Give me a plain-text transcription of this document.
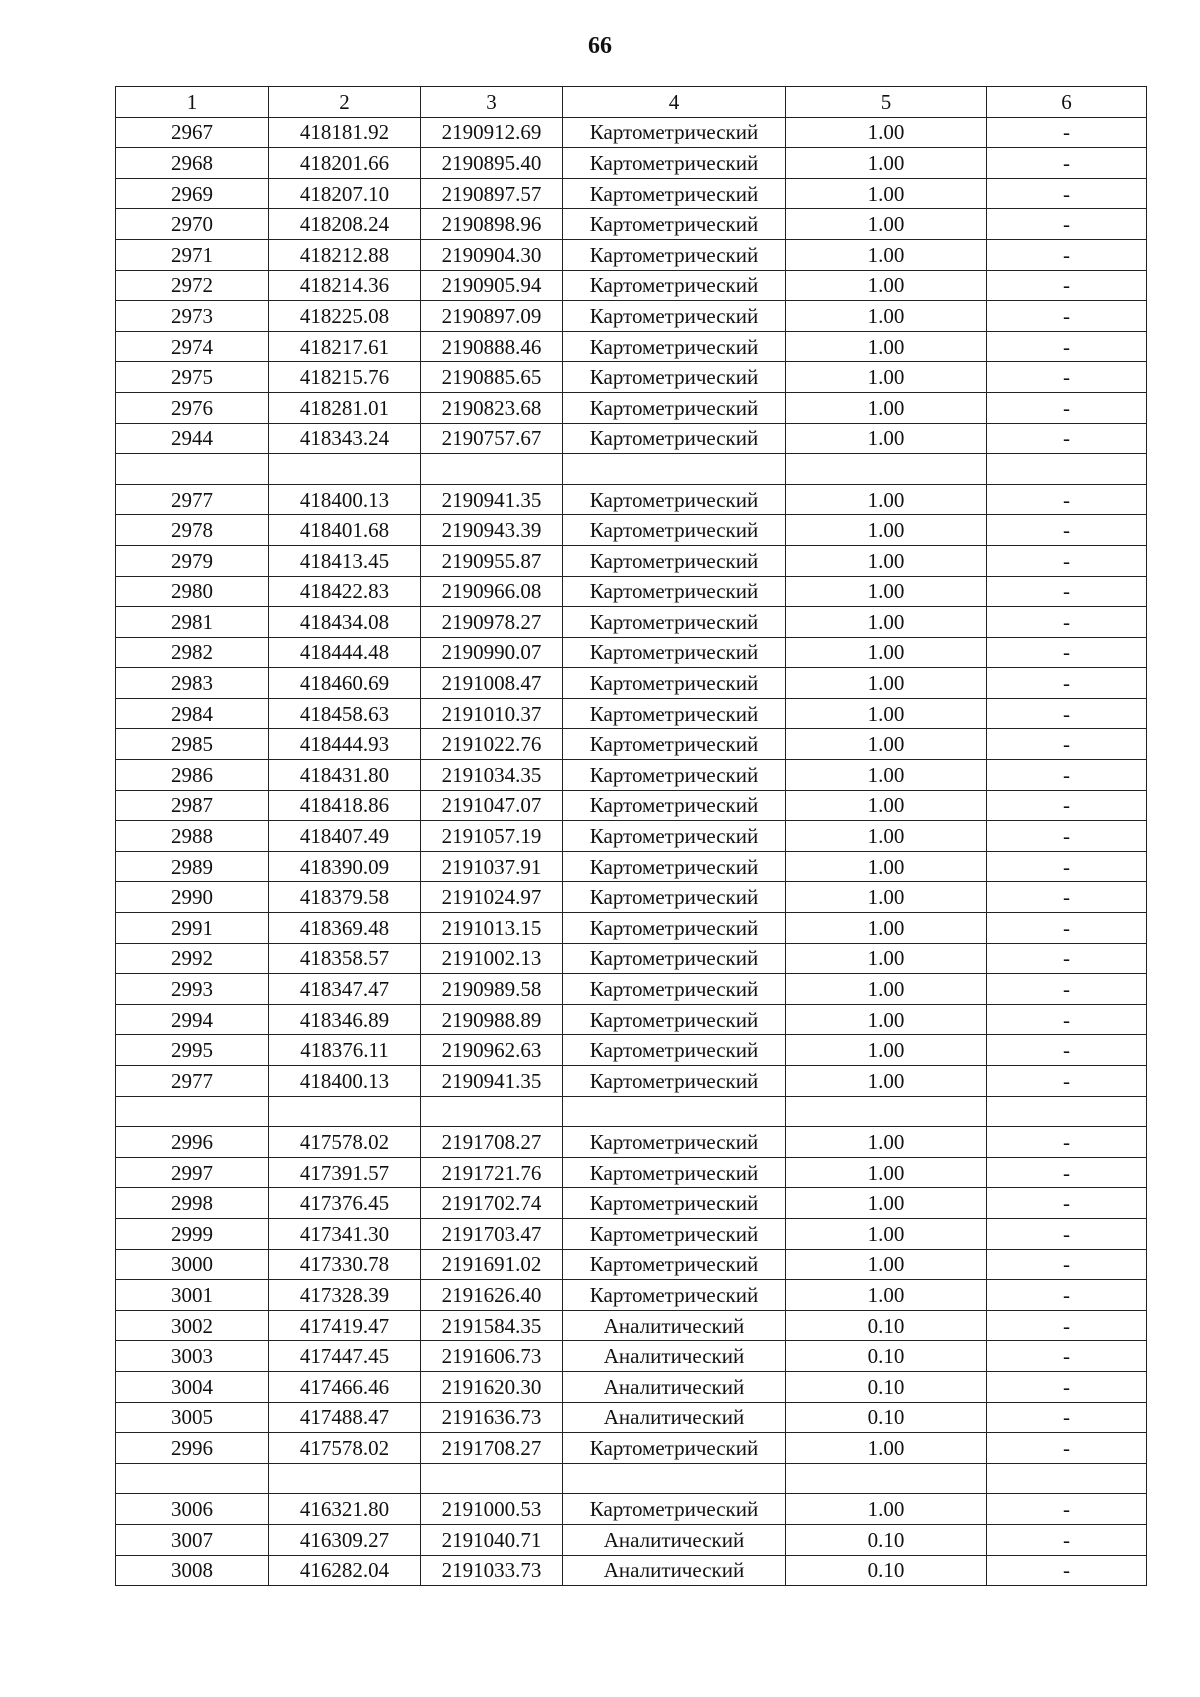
66
1	2	3	4	5	6
2967	418181.92	2190912.69	Картометрический	1.00	-
2968	418201.66	2190895.40	Картометрический	1.00	-
2969	418207.10	2190897.57	Картометрический	1.00	-
2970	418208.24	2190898.96	Картометрический	1.00	-
2971	418212.88	2190904.30	Картометрический	1.00	-
2972	418214.36	2190905.94	Картометрический	1.00	-
2973	418225.08	2190897.09	Картометрический	1.00	-
2974	418217.61	2190888.46	Картометрический	1.00	-
2975	418215.76	2190885.65	Картометрический	1.00	-
2976	418281.01	2190823.68	Картометрический	1.00	-
2944	418343.24	2190757.67	Картометрический	1.00	-

2977	418400.13	2190941.35	Картометрический	1.00	-
2978	418401.68	2190943.39	Картометрический	1.00	-
2979	418413.45	2190955.87	Картометрический	1.00	-
2980	418422.83	2190966.08	Картометрический	1.00	-
2981	418434.08	2190978.27	Картометрический	1.00	-
2982	418444.48	2190990.07	Картометрический	1.00	-
2983	418460.69	2191008.47	Картометрический	1.00	-
2984	418458.63	2191010.37	Картометрический	1.00	-
2985	418444.93	2191022.76	Картометрический	1.00	-
2986	418431.80	2191034.35	Картометрический	1.00	-
2987	418418.86	2191047.07	Картометрический	1.00	-
2988	418407.49	2191057.19	Картометрический	1.00	-
2989	418390.09	2191037.91	Картометрический	1.00	-
2990	418379.58	2191024.97	Картометрический	1.00	-
2991	418369.48	2191013.15	Картометрический	1.00	-
2992	418358.57	2191002.13	Картометрический	1.00	-
2993	418347.47	2190989.58	Картометрический	1.00	-
2994	418346.89	2190988.89	Картометрический	1.00	-
2995	418376.11	2190962.63	Картометрический	1.00	-
2977	418400.13	2190941.35	Картометрический	1.00	-

2996	417578.02	2191708.27	Картометрический	1.00	-
2997	417391.57	2191721.76	Картометрический	1.00	-
2998	417376.45	2191702.74	Картометрический	1.00	-
2999	417341.30	2191703.47	Картометрический	1.00	-
3000	417330.78	2191691.02	Картометрический	1.00	-
3001	417328.39	2191626.40	Картометрический	1.00	-
3002	417419.47	2191584.35	Аналитический	0.10	-
3003	417447.45	2191606.73	Аналитический	0.10	-
3004	417466.46	2191620.30	Аналитический	0.10	-
3005	417488.47	2191636.73	Аналитический	0.10	-
2996	417578.02	2191708.27	Картометрический	1.00	-

3006	416321.80	2191000.53	Картометрический	1.00	-
3007	416309.27	2191040.71	Аналитический	0.10	-
3008	416282.04	2191033.73	Аналитический	0.10	-
